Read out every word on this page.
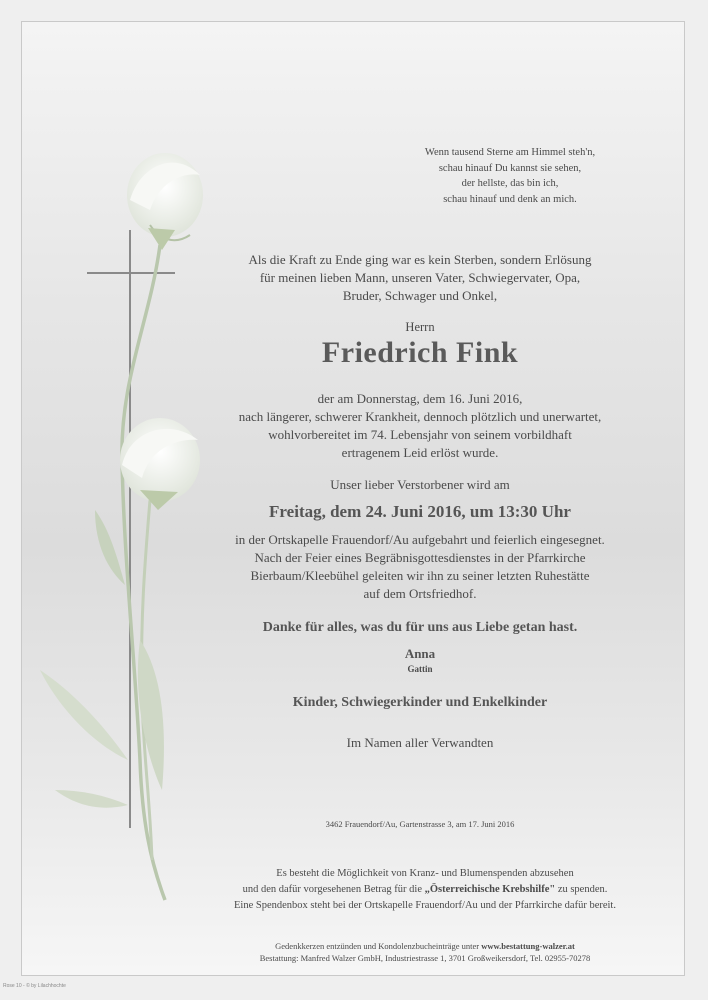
Wenn tausend Sterne am Himmel steh'n,
schau hinauf Du kannst sie sehen,
der hellste, das bin ich,
schau hinauf und denk an mich.
Als die Kraft zu Ende ging war es kein Sterben, sondern Erlösung
für meinen lieben Mann, unseren Vater, Schwiegervater, Opa,
Bruder, Schwager und Onkel,
Herrn
Friedrich Fink
der am Donnerstag, dem 16. Juni 2016,
nach längerer, schwerer Krankheit, dennoch plötzlich und unerwartet,
wohlvorbereitet im 74. Lebensjahr von seinem vorbildhaft
ertragenem Leid erlöst wurde.
Unser lieber Verstorbener wird am
Freitag, dem 24. Juni 2016, um 13:30 Uhr
in der Ortskapelle Frauendorf/Au aufgebahrt und feierlich eingesegnet.
Nach der Feier eines Begräbnisgottesdienstes in der Pfarrkirche
Bierbaum/Kleebühel geleiten wir ihn zu seiner letzten Ruhestätte
auf dem Ortsfriedhof.
Danke für alles, was du für uns aus Liebe getan hast.
Anna
Gattin
Kinder, Schwiegerkinder und Enkelkinder
Im Namen aller Verwandten
3462 Frauendorf/Au, Gartenstrasse 3, am 17. Juni 2016
Es besteht die Möglichkeit von Kranz- und Blumenspenden abzusehen
und den dafür vorgesehenen Betrag für die „Österreichische Krebshilfe" zu spenden.
Eine Spendenbox steht bei der Ortskapelle Frauendorf/Au und der Pfarrkirche dafür bereit.
Gedenkkerzen entzünden und Kondolenzbucheinträge unter www.bestattung-walzer.at
Bestattung: Manfred Walzer GmbH, Industriestrasse 1, 3701 Großweikersdorf, Tel. 02955-70278
Rose 10 - © by Lilachhochte
